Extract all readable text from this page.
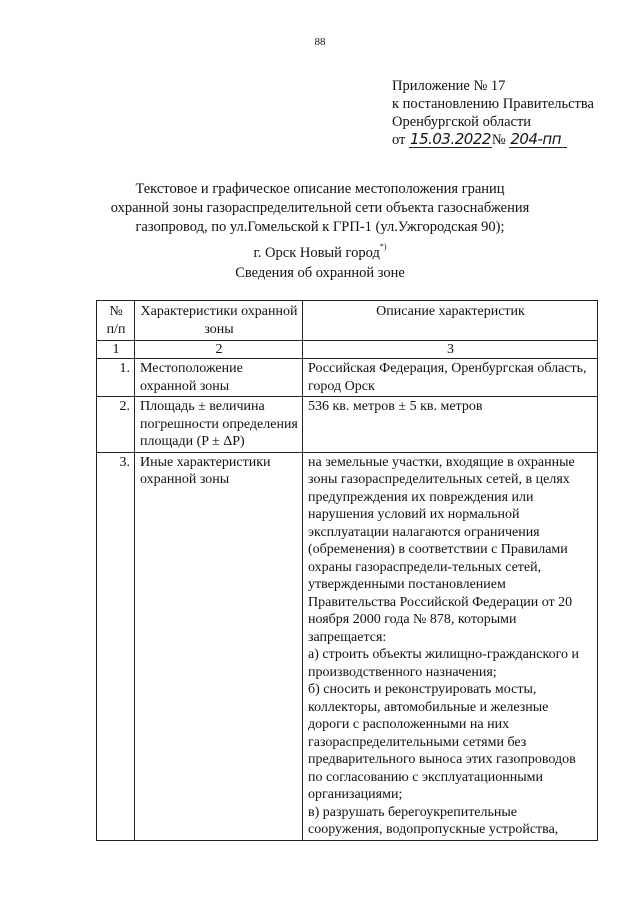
88
Приложение № 17
к постановлению Правительства
Оренбургской области
от 15.03.2022№ 204-пп
Текстовое и графическое описание местоположения границ
охранной зоны газораспределительной сети объекта газоснабжения
газопровод, по ул.Гомельской к ГРП-1 (ул.Ужгородская 90);
г. Орск Новый город*)
Сведения об охранной зоне
№ п/п	Характеристики охранной зоны	Описание характеристик
1	2	3
1.	Местоположение охранной зоны	Российская Федерация, Оренбургская область, город Орск
2.	Площадь ± величина погрешности определения площади (P ± ΔP)	536 кв. метров ± 5 кв. метров
3.	Иные характеристики охранной зоны	на земельные участки, входящие в охранные зоны газораспределительных сетей, в целях предупреждения их повреждения или нарушения условий их нормальной эксплуатации налагаются ограничения (обременения) в соответствии с Правилами охраны газораспредели-тельных сетей, утвержденными постановлением Правительства Российской Федерации от 20 ноября 2000 года № 878, которыми запрещается:
а) строить объекты жилищно-гражданского и производственного назначения;
б) сносить и реконструировать мосты, коллекторы, автомобильные и железные дороги с расположенными на них газораспределительными сетями без предварительного выноса этих газопроводов по согласованию с эксплуатационными организациями;
в) разрушать берегоукрепительные сооружения, водопропускные устройства,
